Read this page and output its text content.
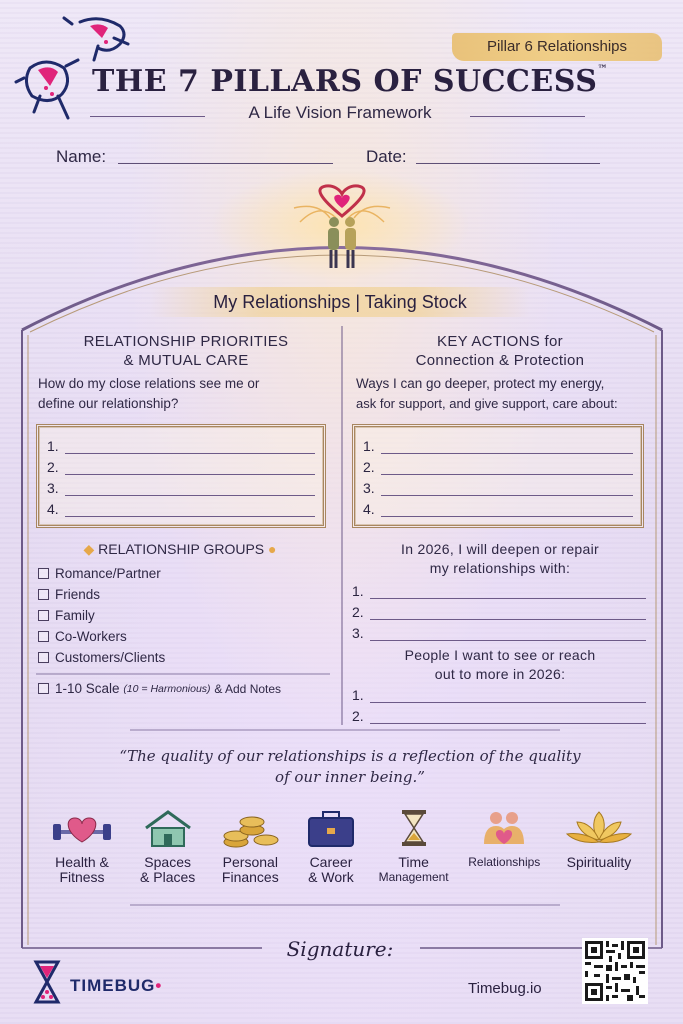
Pillar 6 Relationships
THE 7 PILLARS OF SUCCESS™
A Life Vision Framework
Name:	Date:
My Relationships | Taking Stock
RELATIONSHIP PRIORITIES
& MUTUAL CARE
How do my close relations see me or
define our relationship?
1.
2.
3.
4.
◆ RELATIONSHIP GROUPS ●
Romance/Partner
Friends
Family
Co-Workers
Customers/Clients
1-10 Scale
(10 = Harmonious)
& Add Notes
KEY ACTIONS for
Connection & Protection
Ways I can go deeper, protect my energy,
ask for support, and give support, care about:
1.
2.
3.
4.
In 2026, I will deepen or repair
my relationships with:
1.
2.
3.
People I want to see or reach
out to more in 2026:
1.
2.
“The quality of our relationships is a reflection of the quality
of our inner being.”
Health &
Fitness
Spaces
& Places
Personal
Finances
Career
& Work
Time
Management
Relationships	Spirituality
Signature:
TIMEBUG•	Timebug.io
